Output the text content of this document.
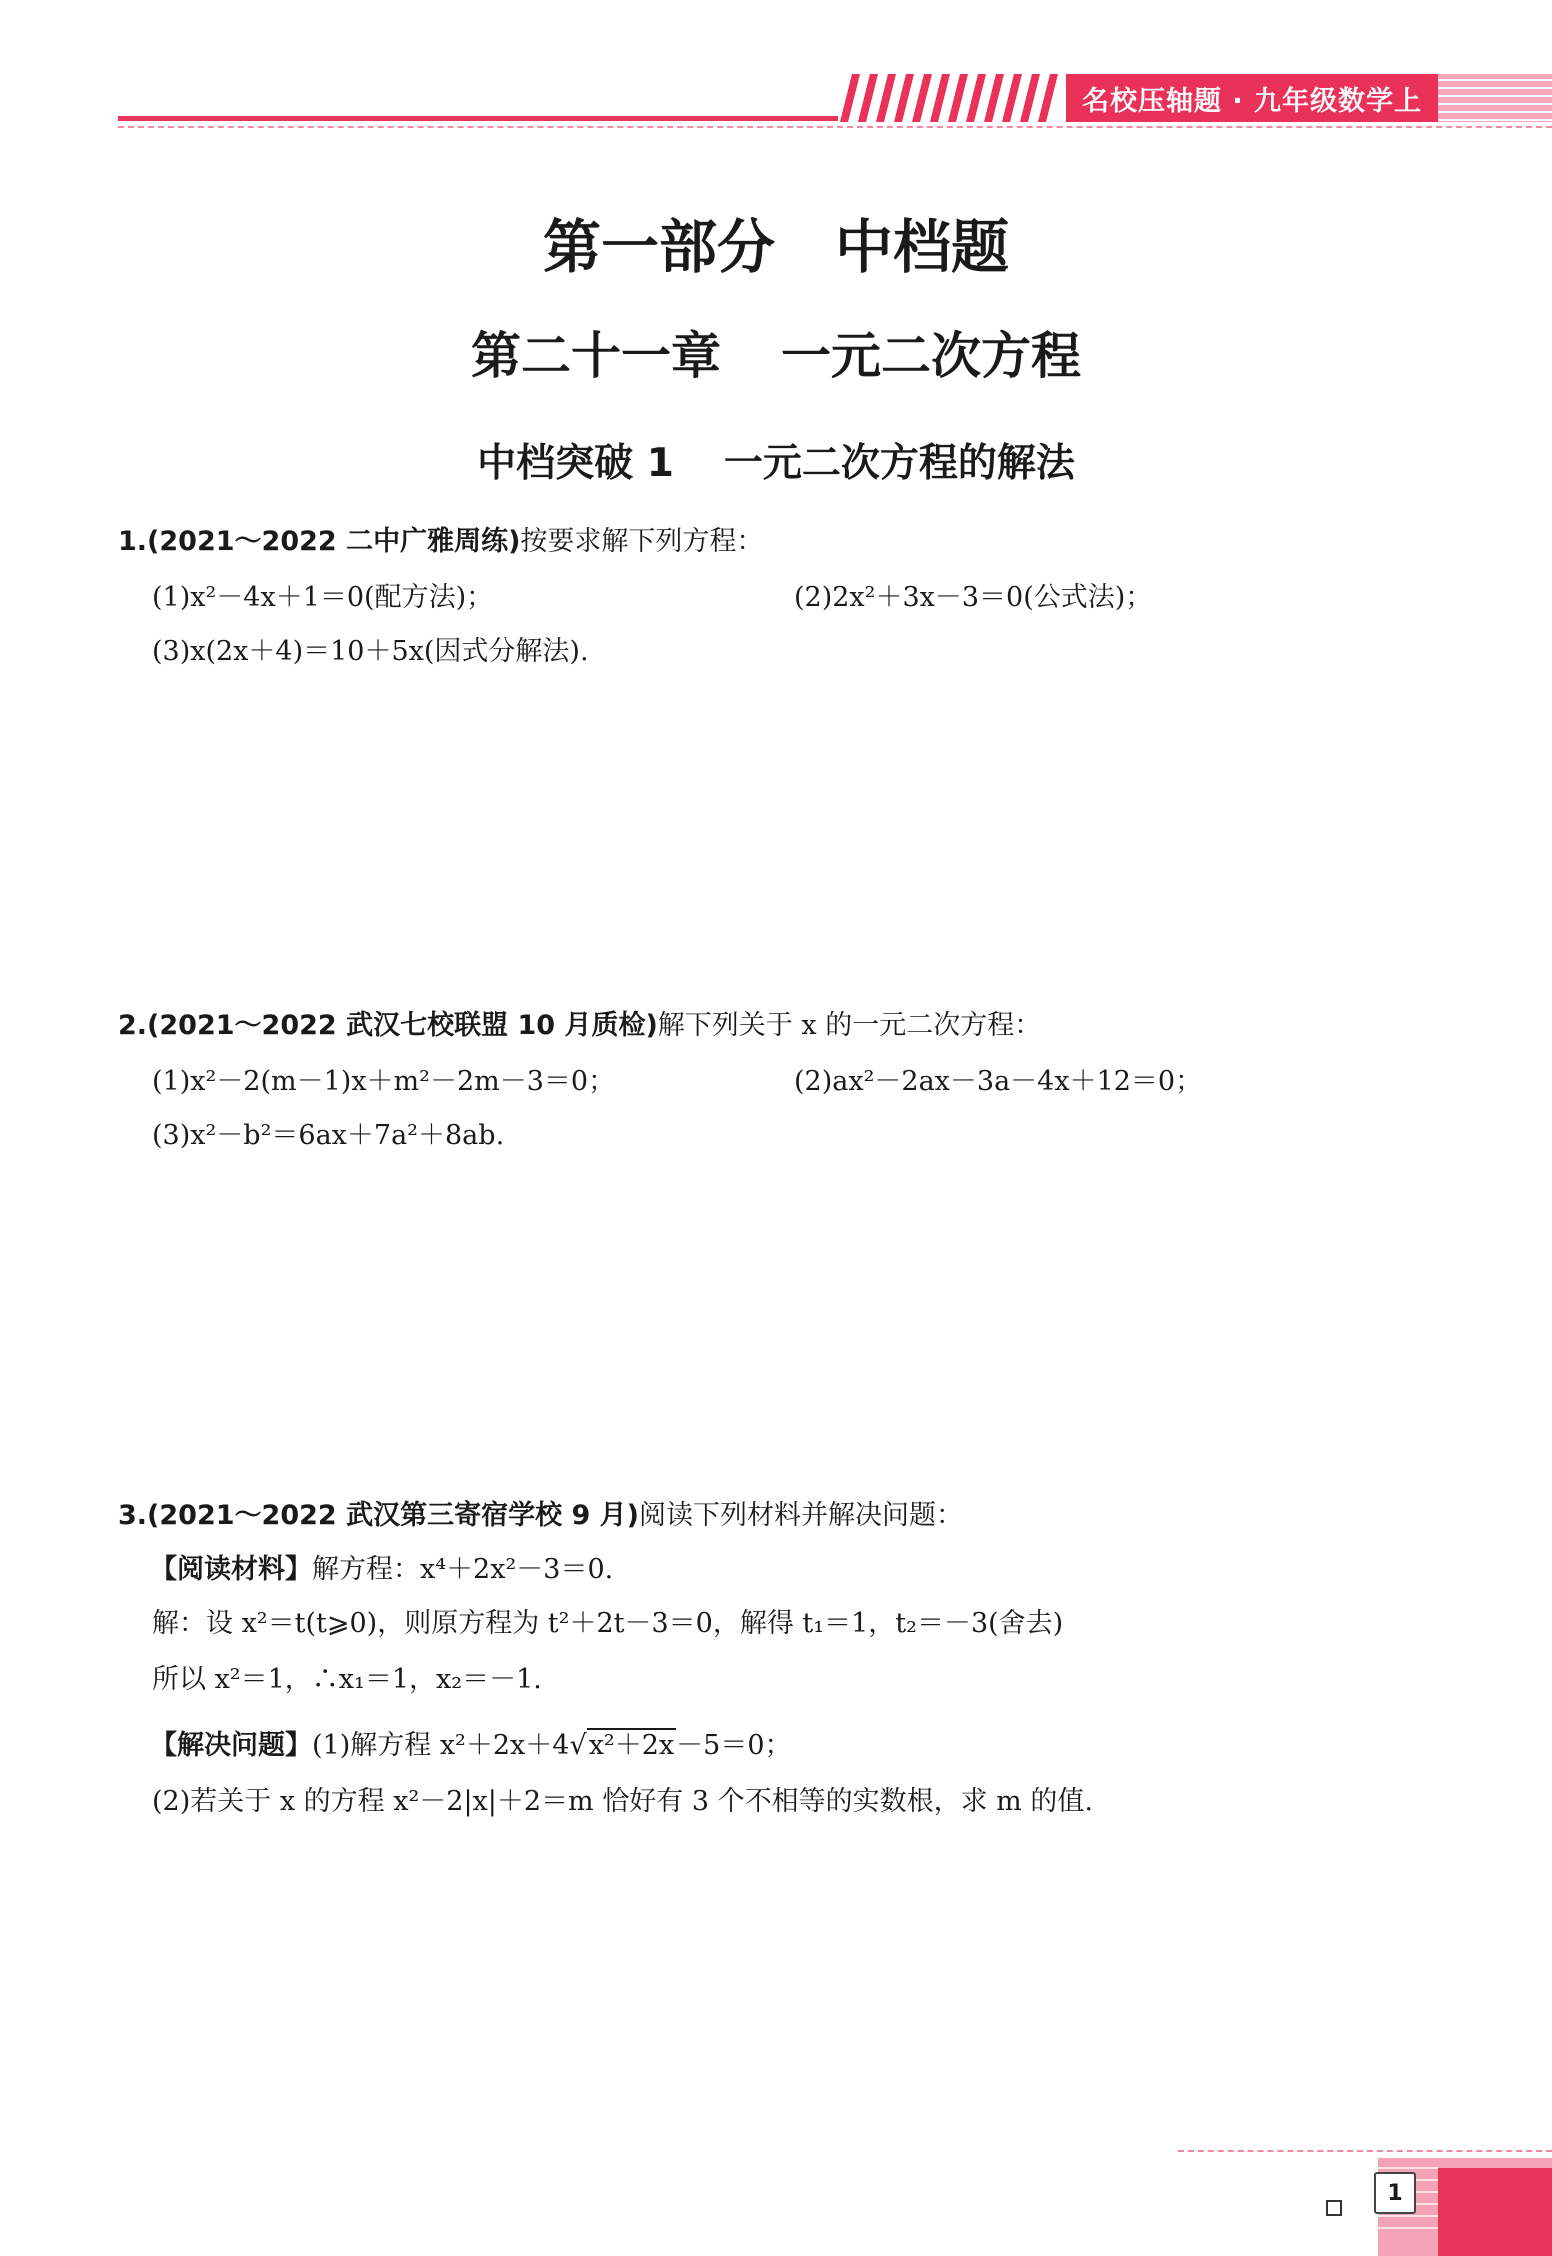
名校压轴题 · 九年级数学上
第一部分 中档题
第二十一章 一元二次方程
中档突破 1 一元二次方程的解法
1.(2021～2022 二中广雅周练)按要求解下列方程：
(1)x²－4x＋1＝0(配方法)；	(2)2x²＋3x－3＝0(公式法)；
(3)x(2x＋4)＝10＋5x(因式分解法).
2.(2021～2022 武汉七校联盟 10 月质检)解下列关于 x 的一元二次方程：
(1)x²－2(m－1)x＋m²－2m－3＝0；	(2)ax²－2ax－3a－4x＋12＝0；
(3)x²－b²＝6ax＋7a²＋8ab.
3.(2021～2022 武汉第三寄宿学校 9 月)阅读下列材料并解决问题：
【阅读材料】解方程：x⁴＋2x²－3＝0.
解：设 x²＝t(t⩾0)，则原方程为 t²＋2t－3＝0，解得 t₁＝1，t₂＝－3(舍去)
所以 x²＝1，∴x₁＝1，x₂＝－1.
【解决问题】(1)解方程 x²＋2x＋4√x²＋2x－5＝0；
(2)若关于 x 的方程 x²－2|x|＋2＝m 恰好有 3 个不相等的实数根，求 m 的值.
1
